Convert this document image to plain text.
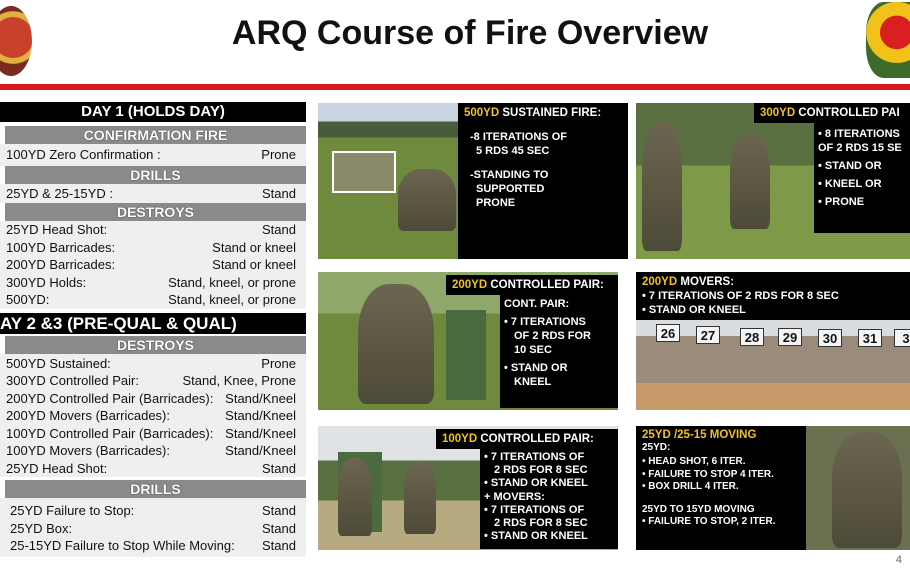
ARQ Course of Fire Overview
DAY 1 (HOLDS DAY)
CONFIRMATION FIRE
100YD Zero Confirmation :	Prone
DRILLS
25YD & 25-15YD :	Stand
DESTROYS
25YD Head Shot:	Stand
100YD Barricades:	Stand or kneel
200YD Barricades:	Stand or kneel
300YD Holds:	Stand, kneel, or prone
500YD:	Stand, kneel, or prone
AY 2 &3 (PRE-QUAL & QUAL)
DESTROYS
500YD Sustained:	Prone
300YD Controlled Pair:	Stand, Knee, Prone
200YD Controlled Pair (Barricades): Stand/Kneel
200YD Movers (Barricades):	Stand/Kneel
100YD Controlled Pair (Barricades): Stand/Kneel
100YD Movers (Barricades):	Stand/Kneel
25YD Head Shot:	Stand
DRILLS
25YD Failure to Stop:	Stand
25YD Box:	Stand
25-15YD Failure to Stop While Moving: Stand
500YD SUSTAINED FIRE:
-8 ITERATIONS OF
5 RDS 45 SEC
-STANDING TO
SUPPORTED
PRONE
300YD CONTROLLED PAI
• 8 ITERATIONS
OF 2 RDS 15 SE
• STAND OR
• KNEEL OR
• PRONE
200YD CONTROLLED PAIR:
CONT. PAIR:
• 7 ITERATIONS
OF 2 RDS FOR
10 SEC
• STAND OR
KNEEL
200YD MOVERS:
• 7 ITERATIONS OF 2 RDS FOR 8 SEC
• STAND OR KNEEL
26	27	28	29	30	31	3
100YD CONTROLLED PAIR:
• 7 ITERATIONS OF
2 RDS FOR 8 SEC
• STAND OR KNEEL
+ MOVERS:
• 7 ITERATIONS OF
2 RDS FOR 8 SEC
• STAND OR KNEEL
25YD /25-15 MOVING
25YD:
• HEAD SHOT, 6 ITER.
• FAILURE TO STOP 4 ITER.
• BOX DRILL 4 ITER.
25YD TO 15YD MOVING
• FAILURE TO STOP, 2 ITER.
4
